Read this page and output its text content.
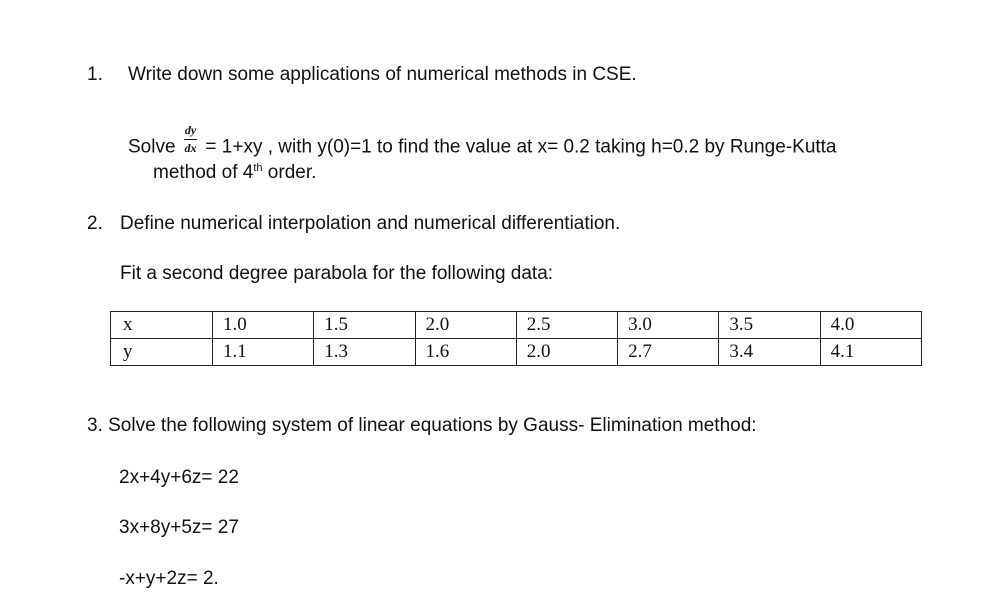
1. Write down some applications of numerical methods in CSE.
Solve $\frac{dy}{dx} = 1+xy$ , with y(0)=1 to find the value at x= 0.2 taking h=0.2 by Runge-Kutta
method of 4th order.
2. Define numerical interpolation and numerical differentiation.
Fit a second degree parabola for the following data:
x	1.0	1.5	2.0	2.5	3.0	3.5	4.0
y	1.1	1.3	1.6	2.0	2.7	3.4	4.1
3. Solve the following system of linear equations by Gauss- Elimination method:
2x+4y+6z= 22
3x+8y+5z= 27
-x+y+2z= 2.
